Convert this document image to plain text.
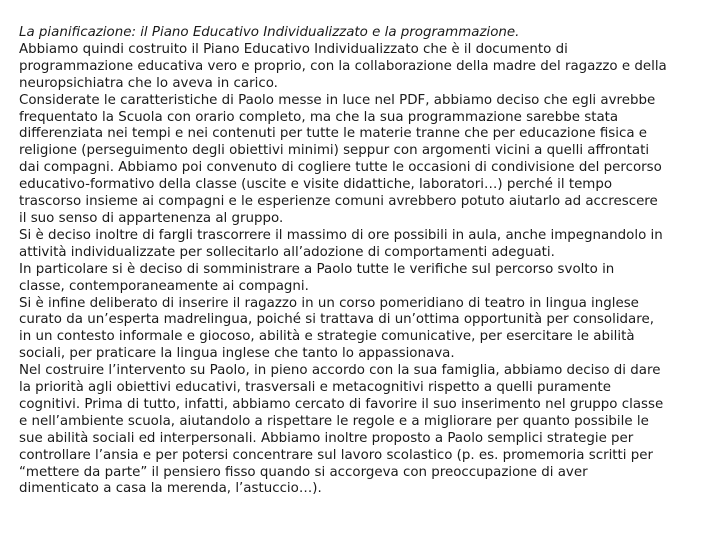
La pianificazione: il Piano Educativo Individualizzato e la programmazione.

Abbiamo quindi costruito il Piano Educativo Individualizzato che è il documento di
programmazione educativa vero e proprio, con la collaborazione della madre del ragazzo e della
neuropsichiatra che lo aveva in carico.
Considerate le caratteristiche di Paolo messe in luce nel PDF, abbiamo deciso che egli avrebbe
frequentato la Scuola con orario completo, ma che la sua programmazione sarebbe stata
differenziata nei tempi e nei contenuti per tutte le materie tranne che per educazione fisica e
religione (perseguimento degli obiettivi minimi) seppur con argomenti vicini a quelli affrontati
dai compagni. Abbiamo poi convenuto di cogliere tutte le occasioni di condivisione del percorso
educativo-formativo della classe (uscite e visite didattiche, laboratori…) perché il tempo
trascorso insieme ai compagni e le esperienze comuni avrebbero potuto aiutarlo ad accrescere
il suo senso di appartenenza al gruppo.
Si è deciso inoltre di fargli trascorrere il massimo di ore possibili in aula, anche impegnandolo in
attività individualizzate per sollecitarlo all’adozione di comportamenti adeguati.
In particolare si è deciso di somministrare a Paolo tutte le verifiche sul percorso svolto in
classe, contemporaneamente ai compagni.
Si è infine deliberato di inserire il ragazzo in un corso pomeridiano di teatro in lingua inglese
curato da un’esperta madrelingua, poiché si trattava di un’ottima opportunità per consolidare,
in un contesto informale e giocoso, abilità e strategie comunicative, per esercitare le abilità
sociali, per praticare la lingua inglese che tanto lo appassionava.
Nel costruire l’intervento su Paolo, in pieno accordo con la sua famiglia, abbiamo deciso di dare
la priorità agli obiettivi educativi, trasversali e metacognitivi rispetto a quelli puramente
cognitivi. Prima di tutto, infatti, abbiamo cercato di favorire il suo inserimento nel gruppo classe
e nell’ambiente scuola, aiutandolo a rispettare le regole e a migliorare per quanto possibile le
sue abilità sociali ed interpersonali. Abbiamo inoltre proposto a Paolo semplici strategie per
controllare l’ansia e per potersi concentrare sul lavoro scolastico (p. es. promemoria scritti per
“mettere da parte” il pensiero fisso quando si accorgeva con preoccupazione di aver
dimenticato a casa la merenda, l’astuccio…).
